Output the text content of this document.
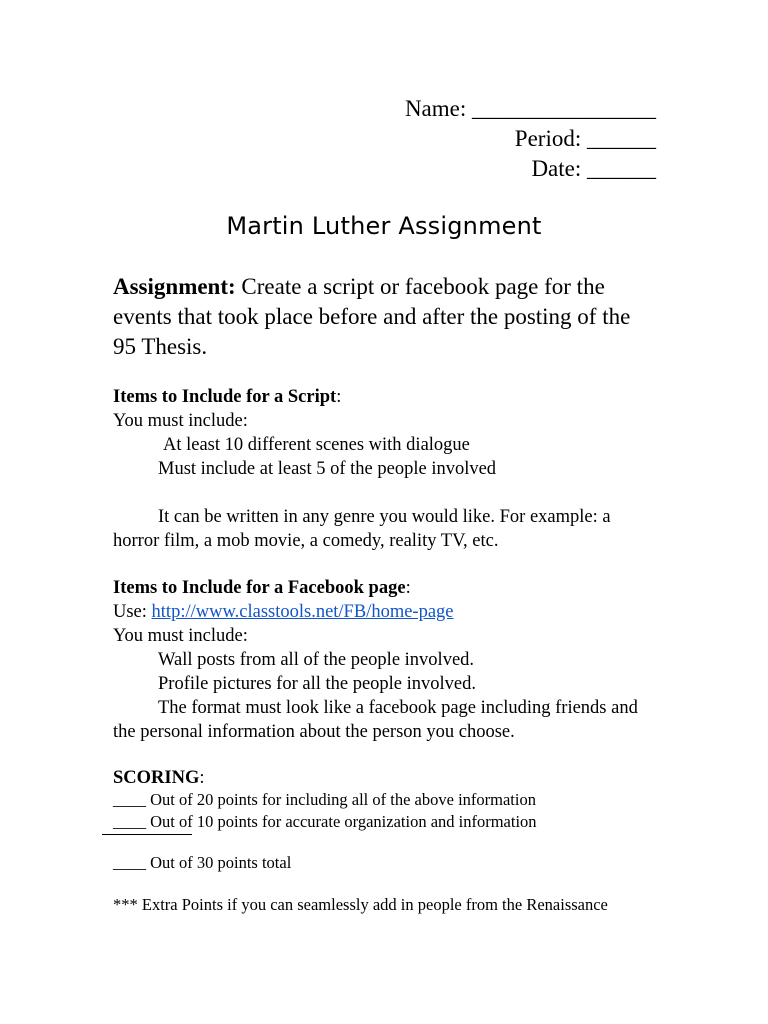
Name: ________________
Period: ______
Date: ______
Martin Luther Assignment
Assignment: Create a script or facebook page for the events that took place before and after the posting of the 95 Thesis.
Items to Include for a Script:
You must include:
At least 10 different scenes with dialogue
Must include at least 5 of the people involved
It can be written in any genre you would like. For example: a horror film, a mob movie, a comedy, reality TV, etc.
Items to Include for a Facebook page:
Use: http://www.classtools.net/FB/home-page
You must include:
Wall posts from all of the people involved.
Profile pictures for all the people involved.
The format must look like a facebook page including friends and the personal information about the person you choose.
SCORING:
____ Out of 20 points for including all of the above information
____ Out of 10 points for accurate organization and information
____ Out of 30 points total
*** Extra Points if you can seamlessly add in people from the Renaissance
